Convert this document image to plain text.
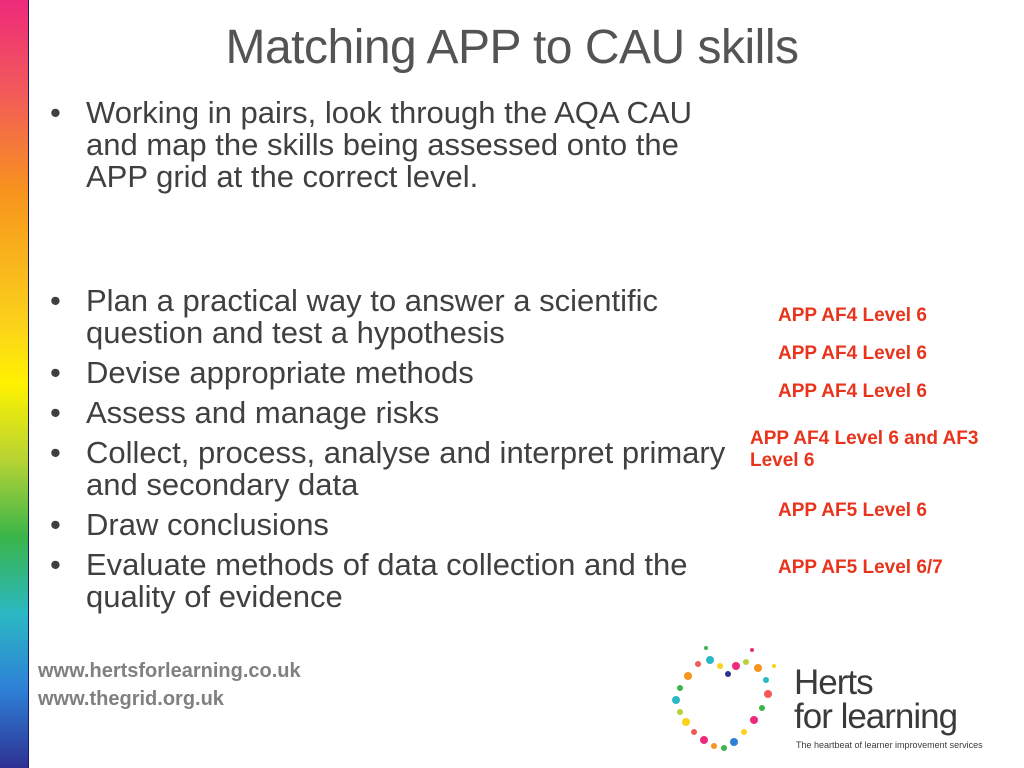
Matching APP to CAU skills
• Working in pairs, look through the AQA CAU and map the skills being assessed onto the APP grid at the correct level.
• Plan a practical way to answer a scientific question and test a hypothesis
• Devise appropriate methods
• Assess and manage risks
• Collect, process, analyse and interpret primary and secondary data
• Draw conclusions
• Evaluate methods of data collection and the quality of evidence
APP AF4 Level 6
APP AF4 Level 6
APP AF4 Level 6
APP AF4 Level 6 and AF3 Level 6
APP AF5 Level 6
APP AF5 Level 6/7
www.hertsforlearning.co.uk
www.thegrid.org.uk	Herts
for learning
The heartbeat of learner improvement services
